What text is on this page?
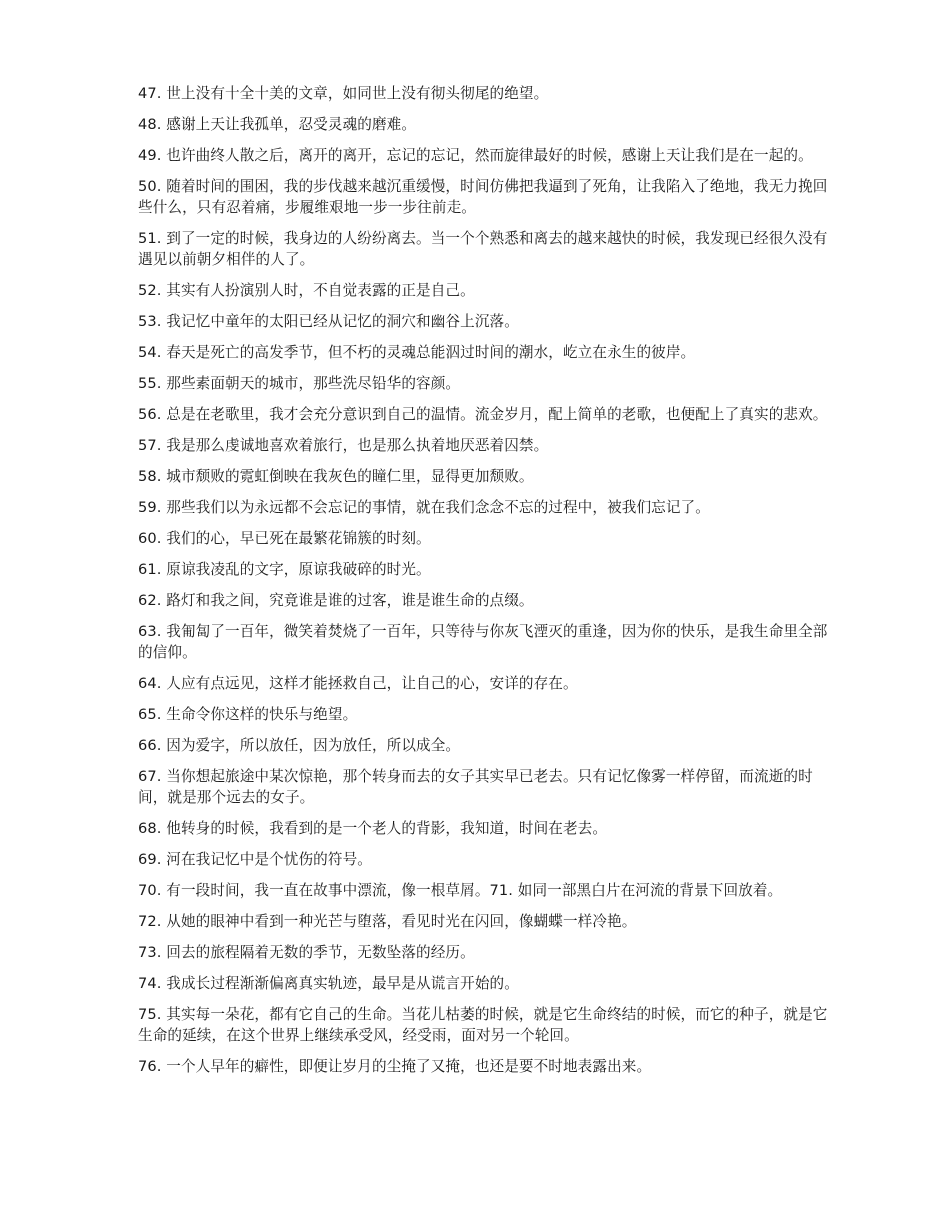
47. 世上没有十全十美的文章，如同世上没有彻头彻尾的绝望。

48. 感谢上天让我孤单，忍受灵魂的磨难。

49. 也许曲终人散之后，离开的离开，忘记的忘记，然而旋律最好的时候，感谢上天让我们是在一起的。

50. 随着时间的围困，我的步伐越来越沉重缓慢，时间仿佛把我逼到了死角，让我陷入了绝地，我无力挽回些什么，只有忍着痛，步履维艰地一步一步往前走。

51. 到了一定的时候，我身边的人纷纷离去。当一个个熟悉和离去的越来越快的时候，我发现已经很久没有遇见以前朝夕相伴的人了。

52. 其实有人扮演别人时，不自觉表露的正是自己。

53. 我记忆中童年的太阳已经从记忆的洞穴和幽谷上沉落。

54. 春天是死亡的高发季节，但不朽的灵魂总能泅过时间的潮水，屹立在永生的彼岸。

55. 那些素面朝天的城市，那些洗尽铅华的容颜。

56. 总是在老歌里，我才会充分意识到自己的温情。流金岁月，配上简单的老歌，也便配上了真实的悲欢。

57. 我是那么虔诚地喜欢着旅行，也是那么执着地厌恶着囚禁。

58. 城市颓败的霓虹倒映在我灰色的瞳仁里，显得更加颓败。

59. 那些我们以为永远都不会忘记的事情，就在我们念念不忘的过程中，被我们忘记了。

60. 我们的心，早已死在最繁花锦簇的时刻。

61. 原谅我凌乱的文字，原谅我破碎的时光。

62. 路灯和我之间，究竟谁是谁的过客，谁是谁生命的点缀。

63. 我匍匐了一百年，微笑着焚烧了一百年，只等待与你灰飞湮灭的重逢，因为你的快乐，是我生命里全部的信仰。

64. 人应有点远见，这样才能拯救自己，让自己的心，安详的存在。

65. 生命令你这样的快乐与绝望。

66. 因为爱字，所以放任，因为放任，所以成全。

67. 当你想起旅途中某次惊艳，那个转身而去的女子其实早已老去。只有记忆像雾一样停留，而流逝的时间，就是那个远去的女子。

68. 他转身的时候，我看到的是一个老人的背影，我知道，时间在老去。

69. 河在我记忆中是个忧伤的符号。

70. 有一段时间，我一直在故事中漂流，像一根草屑。71. 如同一部黑白片在河流的背景下回放着。

72. 从她的眼神中看到一种光芒与堕落，看见时光在闪回，像蝴蝶一样冷艳。

73. 回去的旅程隔着无数的季节，无数坠落的经历。

74. 我成长过程渐渐偏离真实轨迹，最早是从谎言开始的。

75. 其实每一朵花，都有它自己的生命。当花儿枯萎的时候，就是它生命终结的时候，而它的种子，就是它生命的延续，在这个世界上继续承受风，经受雨，面对另一个轮回。

76. 一个人早年的癖性，即便让岁月的尘掩了又掩，也还是要不时地表露出来。
